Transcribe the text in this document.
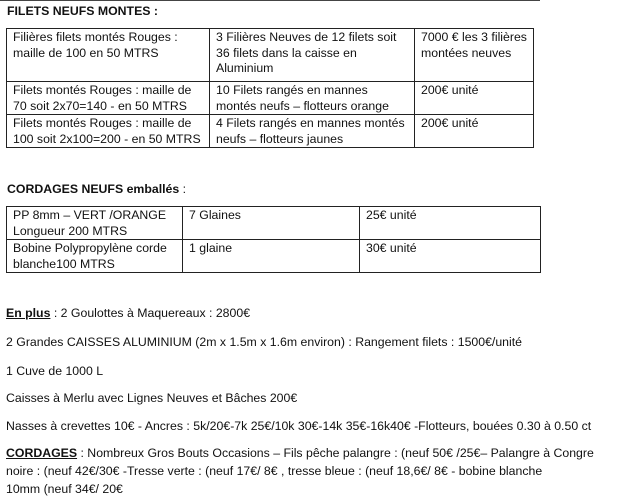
FILETS NEUFS MONTES :
Filières filets montés Rouges : maille de 100 en 50 MTRS	3 Filières Neuves de 12 filets soit 36 filets dans la caisse en Aluminium	7000 € les 3 filières montées neuves
Filets montés Rouges : maille de 70 soit 2x70=140 - en 50 MTRS	10 Filets rangés en mannes montés neufs – flotteurs orange	200€ unité
Filets montés Rouges : maille de 100 soit 2x100=200 - en 50 MTRS	4 Filets rangés en mannes montés neufs – flotteurs jaunes	200€ unité
CORDAGES NEUFS emballés :
PP 8mm – VERT /ORANGE Longueur 200 MTRS	7 Glaines	25€ unité
Bobine Polypropylène corde blanche100 MTRS	1 glaine	30€ unité
En plus : 2 Goulottes à Maquereaux : 2800€
2 Grandes CAISSES ALUMINIUM (2m x 1.5m x 1.6m environ) : Rangement filets : 1500€/unité
1 Cuve de 1000 L
Caisses à Merlu avec Lignes Neuves et Bâches 200€
Nasses à crevettes 10€ - Ancres : 5k/20€-7k 25€/10k 30€-14k 35€-16k40€ -Flotteurs, bouées 0.30 à 0.50 ct
CORDAGES : Nombreux Gros Bouts Occasions – Fils pêche palangre : (neuf 50€ /25€– Palangre à Congre
noire : (neuf 42€/30€ -Tresse verte : (neuf 17€/ 8€ , tresse bleue : (neuf 18,6€/ 8€ - bobine blanche
10mm (neuf 34€/ 20€
